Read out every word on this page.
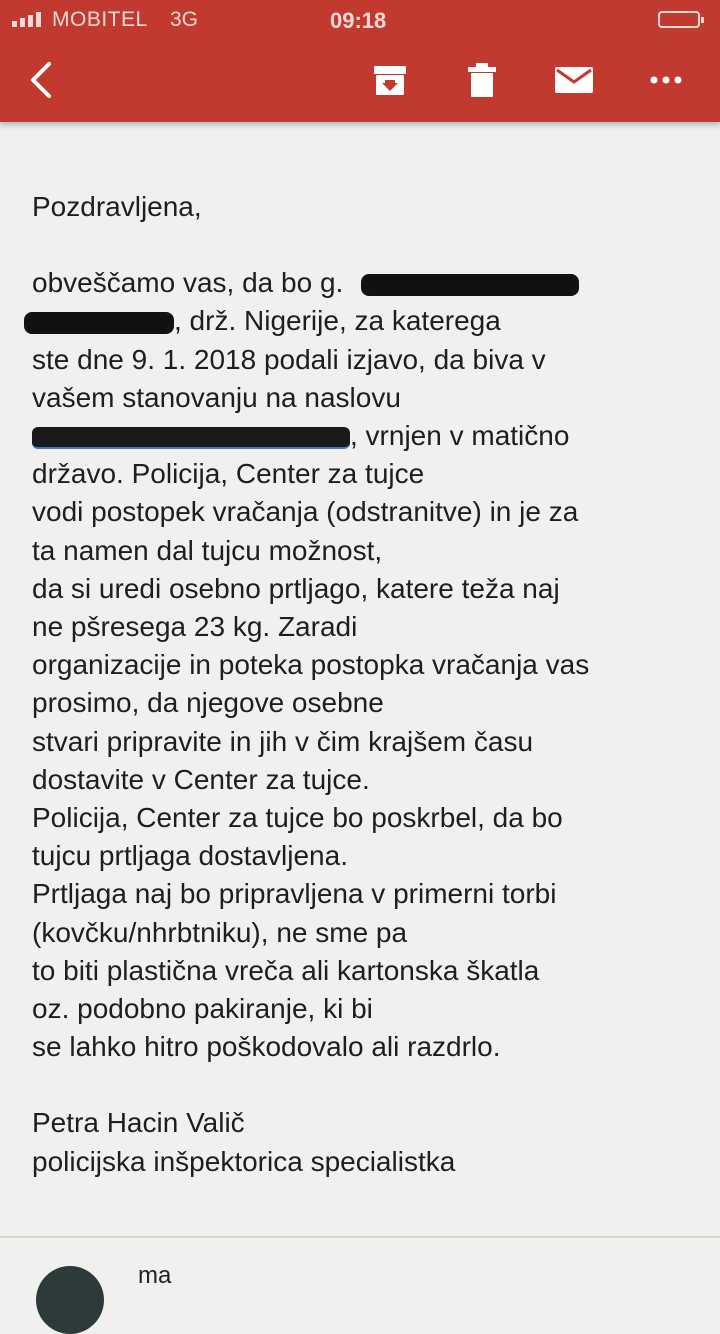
MOBITEL 3G	09:18

Pozdravljena,

obveščamo vas, da bo g.
, drž. Nigerije, za katerega
ste dne 9. 1. 2018 podali izjavo, da biva v
vašem stanovanju na naslovu
, vrnjen v matično
državo. Policija, Center za tujce
vodi postopek vračanja (odstranitve) in je za
ta namen dal tujcu možnost,
da si uredi osebno prtljago, katere teža naj
ne pšresega 23 kg. Zaradi
organizacije in poteka postopka vračanja vas
prosimo, da njegove osebne
stvari pripravite in jih v čim krajšem času
dostavite v Center za tujce.
Policija, Center za tujce bo poskrbel, da bo
tujcu prtljaga dostavljena.
Prtljaga naj bo pripravljena v primerni torbi
(kovčku/nhrbtniku), ne sme pa
to biti plastična vreča ali kartonska škatla
oz. podobno pakiranje, ki bi
se lahko hitro poškodovalo ali razdrlo.
Petra Hacin Valič
policijska inšpektorica specialistka
ma
